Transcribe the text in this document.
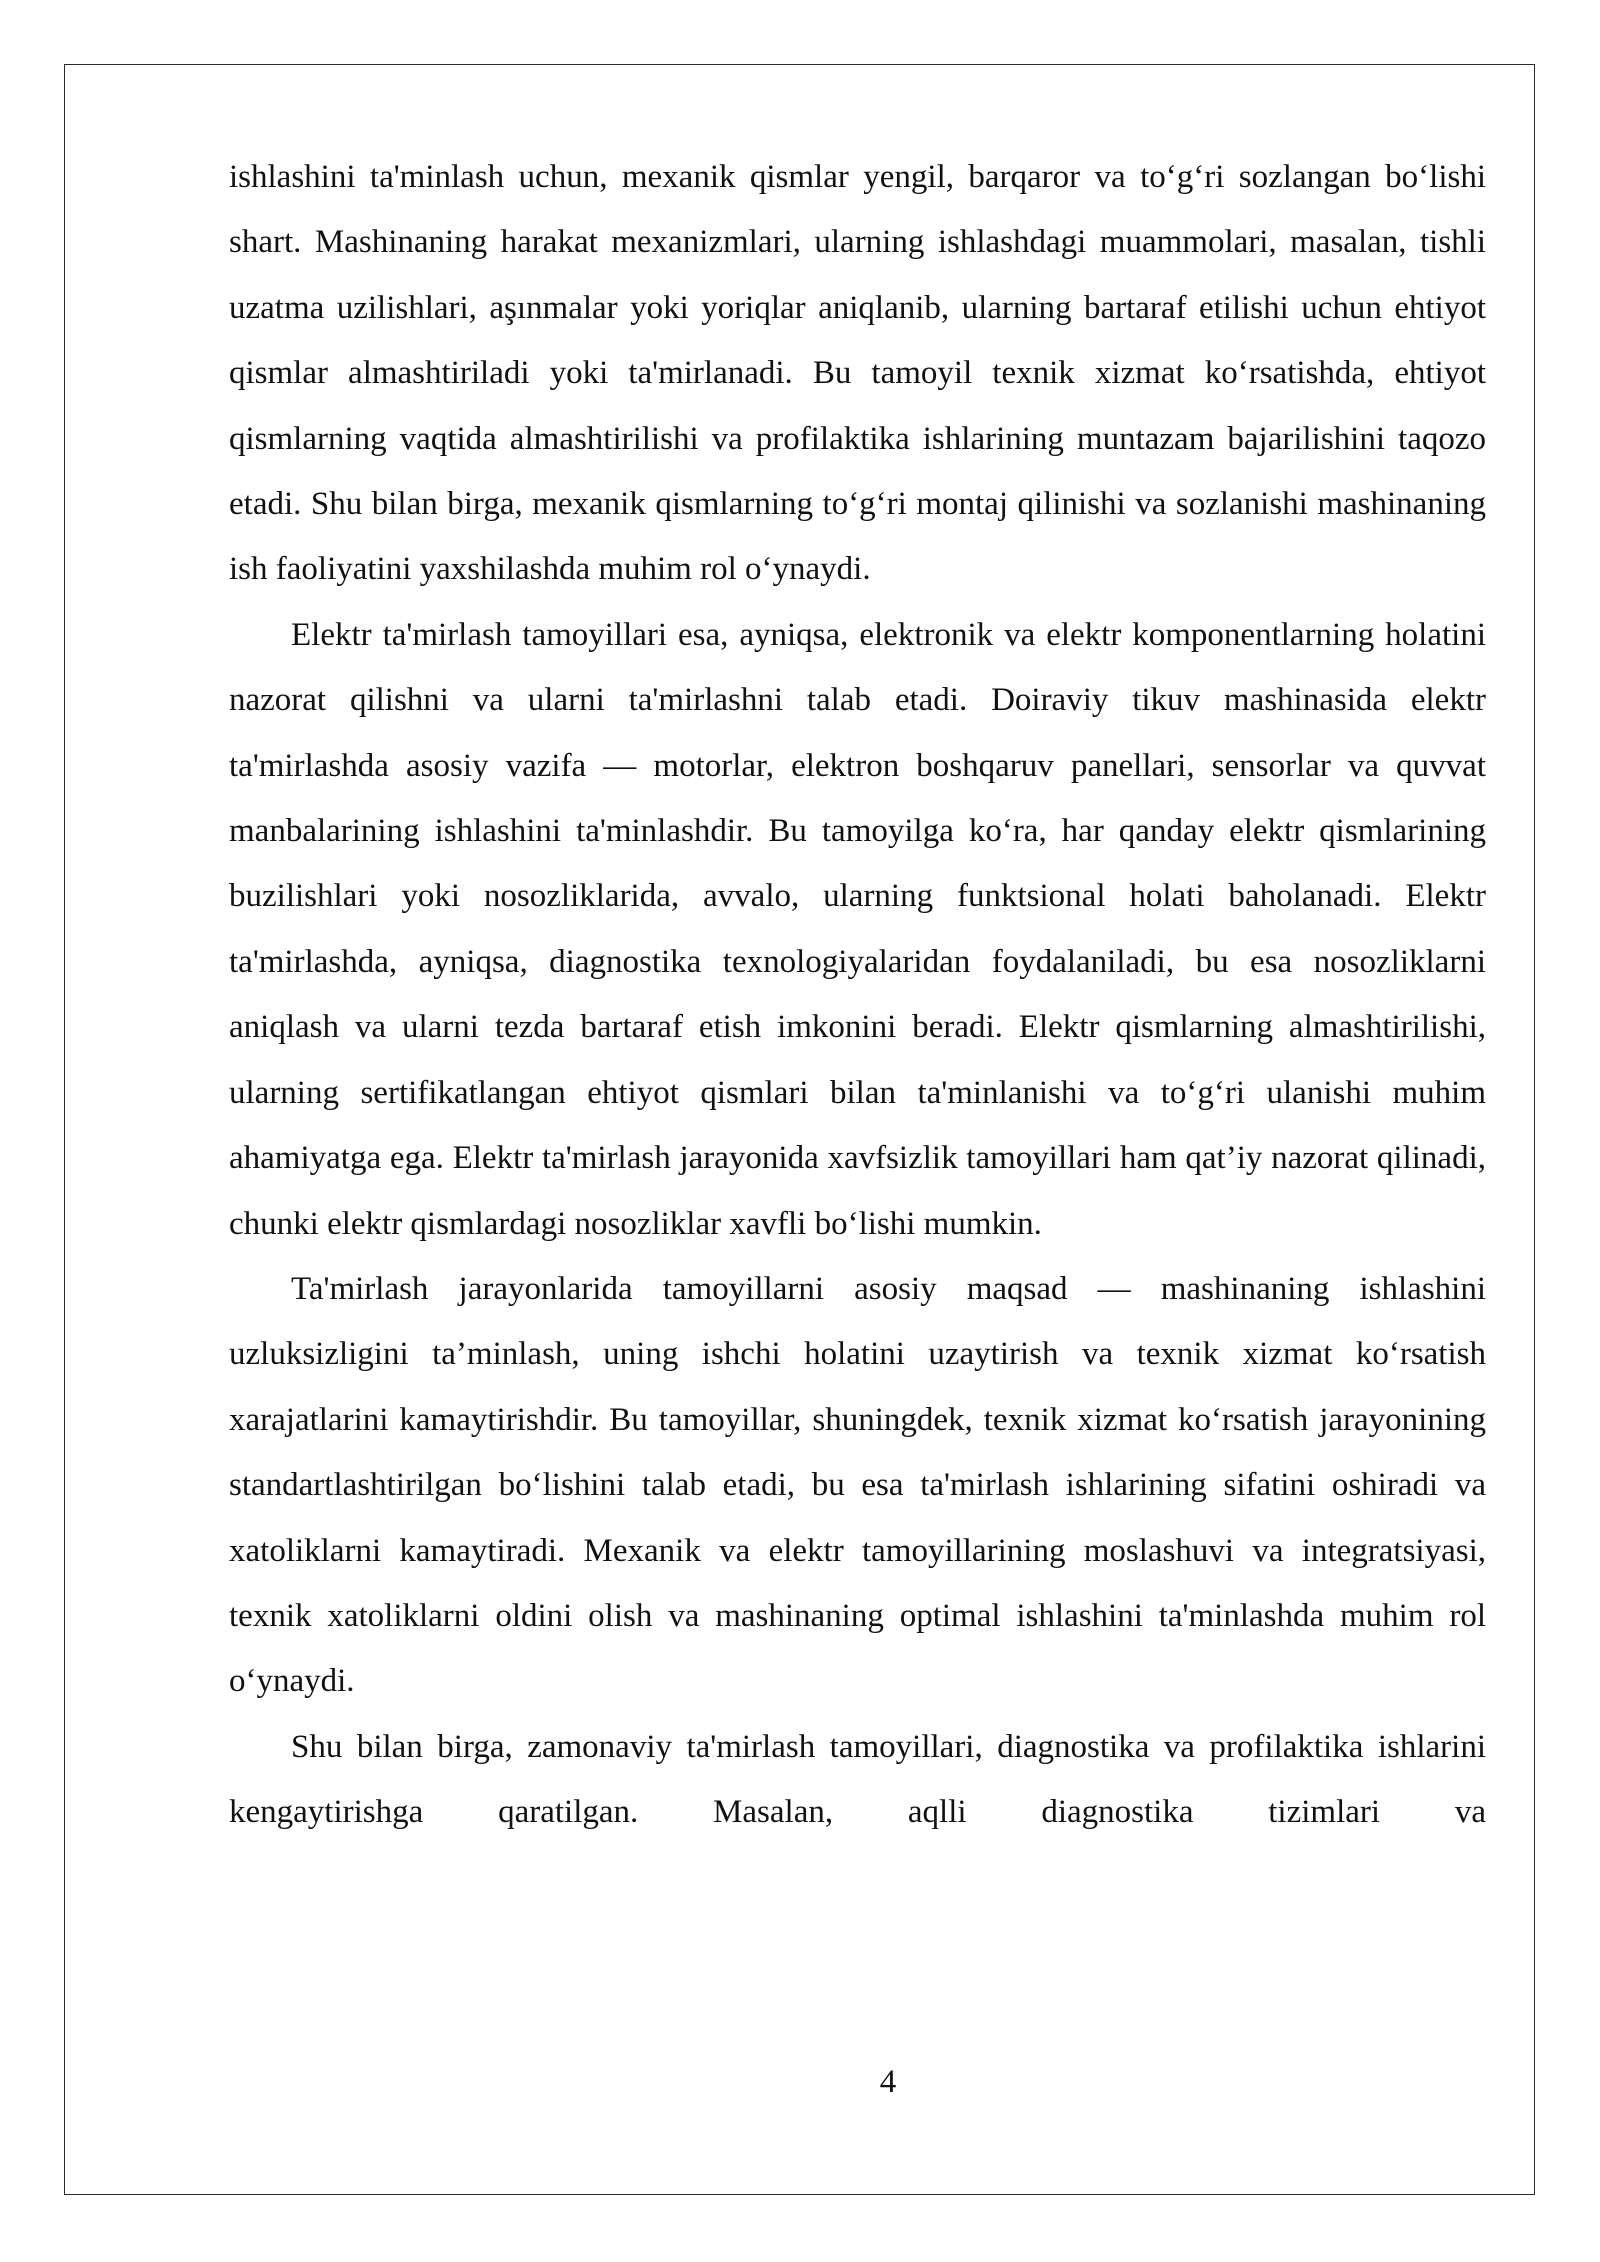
ishlashini ta'minlash uchun, mexanik qismlar yengil, barqaror va to‘g‘ri sozlangan bo‘lishi shart. Mashinaning harakat mexanizmlari, ularning ishlashdagi muammolari, masalan, tishli uzatma uzilishlari, aşınmalar yoki yoriqlar aniqlanib, ularning bartaraf etilishi uchun ehtiyot qismlar almashtiriladi yoki ta'mirlanadi. Bu tamoyil texnik xizmat ko‘rsatishda, ehtiyot qismlarning vaqtida almashtirilishi va profilaktika ishlarining muntazam bajarilishini taqozo etadi. Shu bilan birga, mexanik qismlarning to‘g‘ri montaj qilinishi va sozlanishi mashinaning ish faoliyatini yaxshilashda muhim rol o‘ynaydi.

Elektr ta'mirlash tamoyillari esa, ayniqsa, elektronik va elektr komponentlarning holatini nazorat qilishni va ularni ta'mirlashni talab etadi. Doiraviy tikuv mashinasida elektr ta'mirlashda asosiy vazifa — motorlar, elektron boshqaruv panellari, sensorlar va quvvat manbalarining ishlashini ta'minlashdir. Bu tamoyilga ko‘ra, har qanday elektr qismlarining buzilishlari yoki nosozliklarida, avvalo, ularning funktsional holati baholanadi. Elektr ta'mirlashda, ayniqsa, diagnostika texnologiyalaridan foydalaniladi, bu esa nosozliklarni aniqlash va ularni tezda bartaraf etish imkonini beradi. Elektr qismlarning almashtirilishi, ularning sertifikatlangan ehtiyot qismlari bilan ta'minlanishi va to‘g‘ri ulanishi muhim ahamiyatga ega. Elektr ta'mirlash jarayonida xavfsizlik tamoyillari ham qat’iy nazorat qilinadi, chunki elektr qismlardagi nosozliklar xavfli bo‘lishi mumkin.

Ta'mirlash jarayonlarida tamoyillarni asosiy maqsad — mashinaning ishlashini uzluksizligini ta’minlash, uning ishchi holatini uzaytirish va texnik xizmat ko‘rsatish xarajatlarini kamaytirishdir. Bu tamoyillar, shuningdek, texnik xizmat ko‘rsatish jarayonining standartlashtirilgan bo‘lishini talab etadi, bu esa ta'mirlash ishlarining sifatini oshiradi va xatoliklarni kamaytiradi. Mexanik va elektr tamoyillarining moslashuvi va integratsiyasi, texnik xatoliklarni oldini olish va mashinaning optimal ishlashini ta'minlashda muhim rol o‘ynaydi.

Shu bilan birga, zamonaviy ta'mirlash tamoyillari, diagnostika va profilaktika ishlarini kengaytirishga qaratilgan. Masalan, aqlli diagnostika tizimlari va

4
